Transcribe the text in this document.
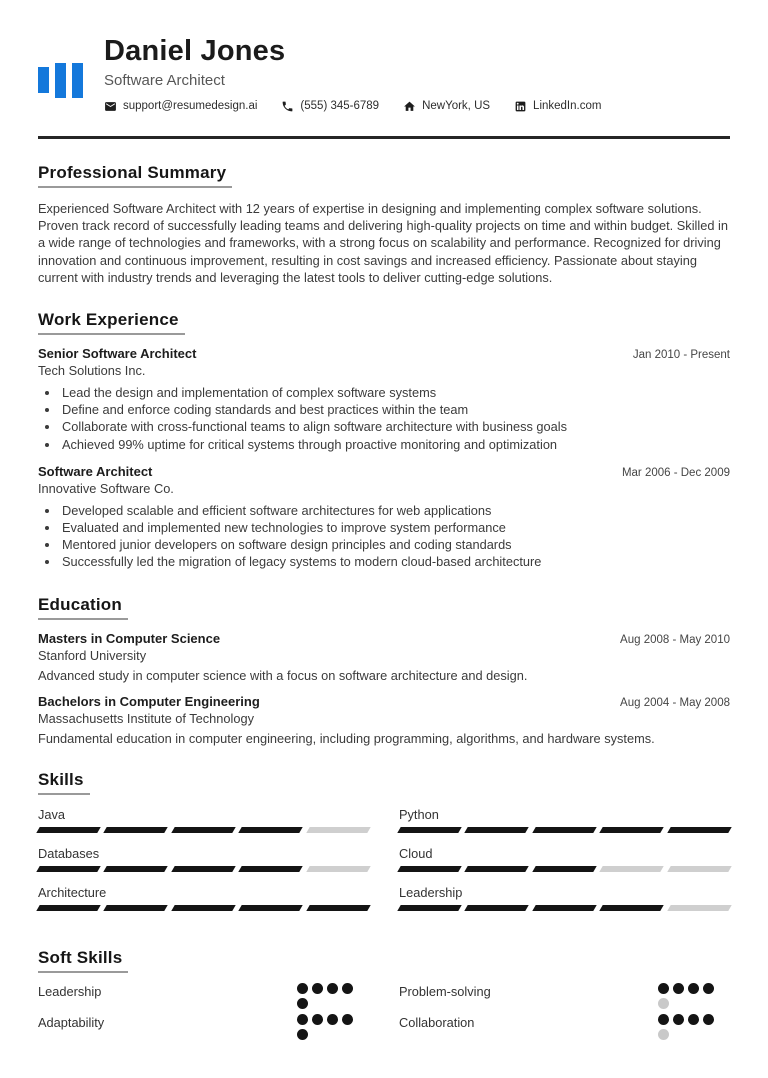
Daniel Jones
Software Architect
support@resumedesign.ai	(555) 345-6789	NewYork, US	LinkedIn.com
Professional Summary

Experienced Software Architect with 12 years of expertise in designing and implementing complex software solutions. Proven track record of successfully leading teams and delivering high-quality projects on time and within budget. Skilled in a wide range of technologies and frameworks, with a strong focus on scalability and performance. Recognized for driving innovation and continuous improvement, resulting in cost savings and increased efficiency. Passionate about staying current with industry trends and leveraging the latest tools to deliver cutting-edge solutions.

Work Experience
Senior Software Architect	Jan 2010 - Present
Tech Solutions Inc.
• Lead the design and implementation of complex software systems
• Define and enforce coding standards and best practices within the team
• Collaborate with cross-functional teams to align software architecture with business goals
• Achieved 99% uptime for critical systems through proactive monitoring and optimization
Software Architect	Mar 2006 - Dec 2009
Innovative Software Co.
• Developed scalable and efficient software architectures for web applications
• Evaluated and implemented new technologies to improve system performance
• Mentored junior developers on software design principles and coding standards
• Successfully led the migration of legacy systems to modern cloud-based architecture
Education
Masters in Computer Science	Aug 2008 - May 2010
Stanford University
Advanced study in computer science with a focus on software architecture and design.
Bachelors in Computer Engineering	Aug 2004 - May 2008
Massachusetts Institute of Technology
Fundamental education in computer engineering, including programming, algorithms, and hardware systems.
Skills
Java	Python
Databases	Cloud
Architecture	Leadership
Soft Skills
Leadership	Problem-solving
Adaptability	Collaboration
